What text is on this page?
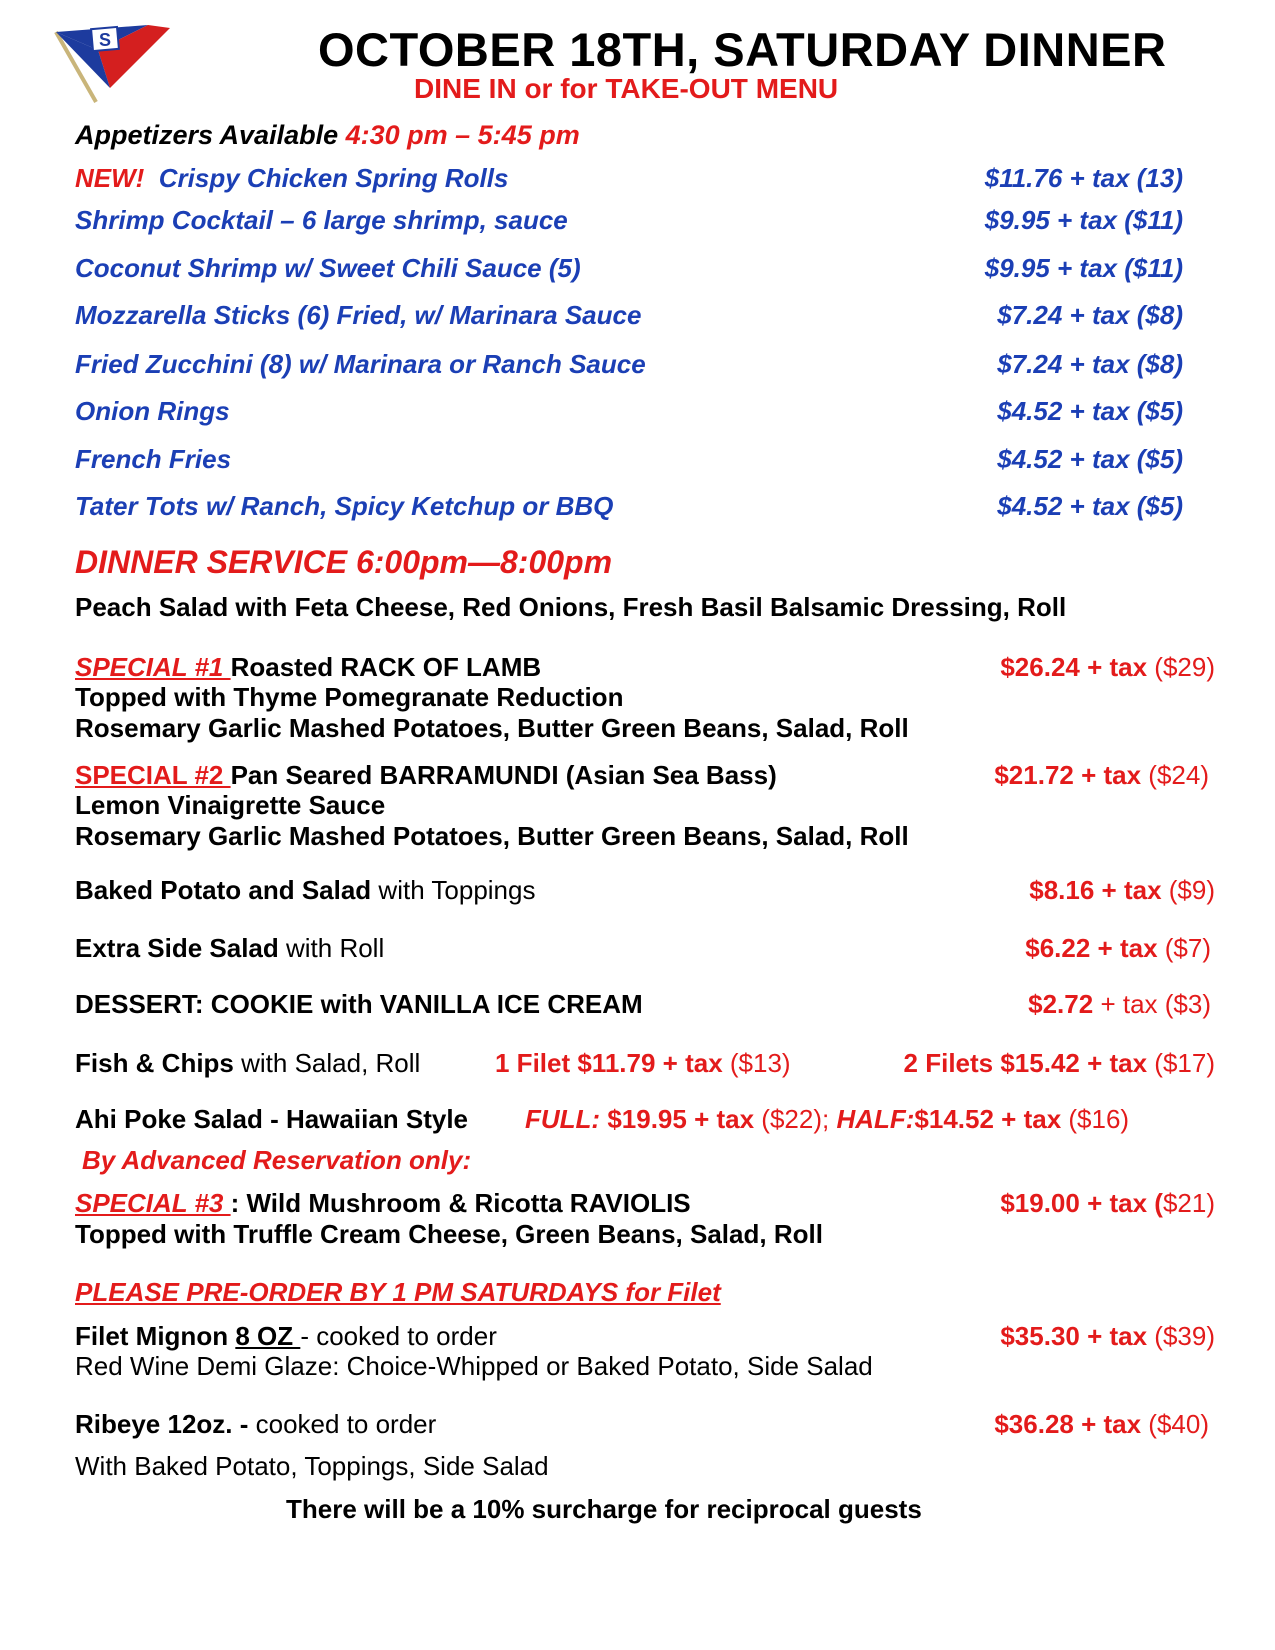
S	OCTOBER 18TH, SATURDAY DINNER
DINE IN or for TAKE-OUT MENU
Appetizers Available 4:30 pm – 5:45 pm
NEW! Crispy Chicken Spring Rolls	$11.76 + tax (13)
Shrimp Cocktail – 6 large shrimp, sauce	$9.95 + tax ($11)
Coconut Shrimp w/ Sweet Chili Sauce (5)	$9.95 + tax ($11)
Mozzarella Sticks (6) Fried, w/ Marinara Sauce	$7.24 + tax ($8)
Fried Zucchini (8) w/ Marinara or Ranch Sauce	$7.24 + tax ($8)
Onion Rings	$4.52 + tax ($5)
French Fries	$4.52 + tax ($5)
Tater Tots w/ Ranch, Spicy Ketchup or BBQ	$4.52 + tax ($5)
DINNER SERVICE 6:00pm—8:00pm
Peach Salad with Feta Cheese, Red Onions, Fresh Basil Balsamic Dressing, Roll
SPECIAL #1 Roasted RACK OF LAMB	$26.24 + tax ($29)
Topped with Thyme Pomegranate Reduction
Rosemary Garlic Mashed Potatoes, Butter Green Beans, Salad, Roll
SPECIAL #2 Pan Seared BARRAMUNDI (Asian Sea Bass)	$21.72 + tax ($24)
Lemon Vinaigrette Sauce
Rosemary Garlic Mashed Potatoes, Butter Green Beans, Salad, Roll
Baked Potato and Salad with Toppings	$8.16 + tax ($9)
Extra Side Salad with Roll	$6.22 + tax ($7)
DESSERT: COOKIE with VANILLA ICE CREAM	$2.72 + tax ($3)
Fish & Chips with Salad, Roll	1 Filet $11.79 + tax ($13)	2 Filets $15.42 + tax ($17)
Ahi Poke Salad - Hawaiian Style FULL: $19.95 + tax ($22); HALF:$14.52 + tax ($16)
By Advanced Reservation only:
SPECIAL #3 : Wild Mushroom & Ricotta RAVIOLIS	$19.00 + tax ($21)
Topped with Truffle Cream Cheese, Green Beans, Salad, Roll
PLEASE PRE-ORDER BY 1 PM SATURDAYS for Filet
Filet Mignon 8 OZ - cooked to order	$35.30 + tax ($39)
Red Wine Demi Glaze: Choice-Whipped or Baked Potato, Side Salad
Ribeye 12oz. - cooked to order	$36.28 + tax ($40)
With Baked Potato, Toppings, Side Salad
There will be a 10% surcharge for reciprocal guests
